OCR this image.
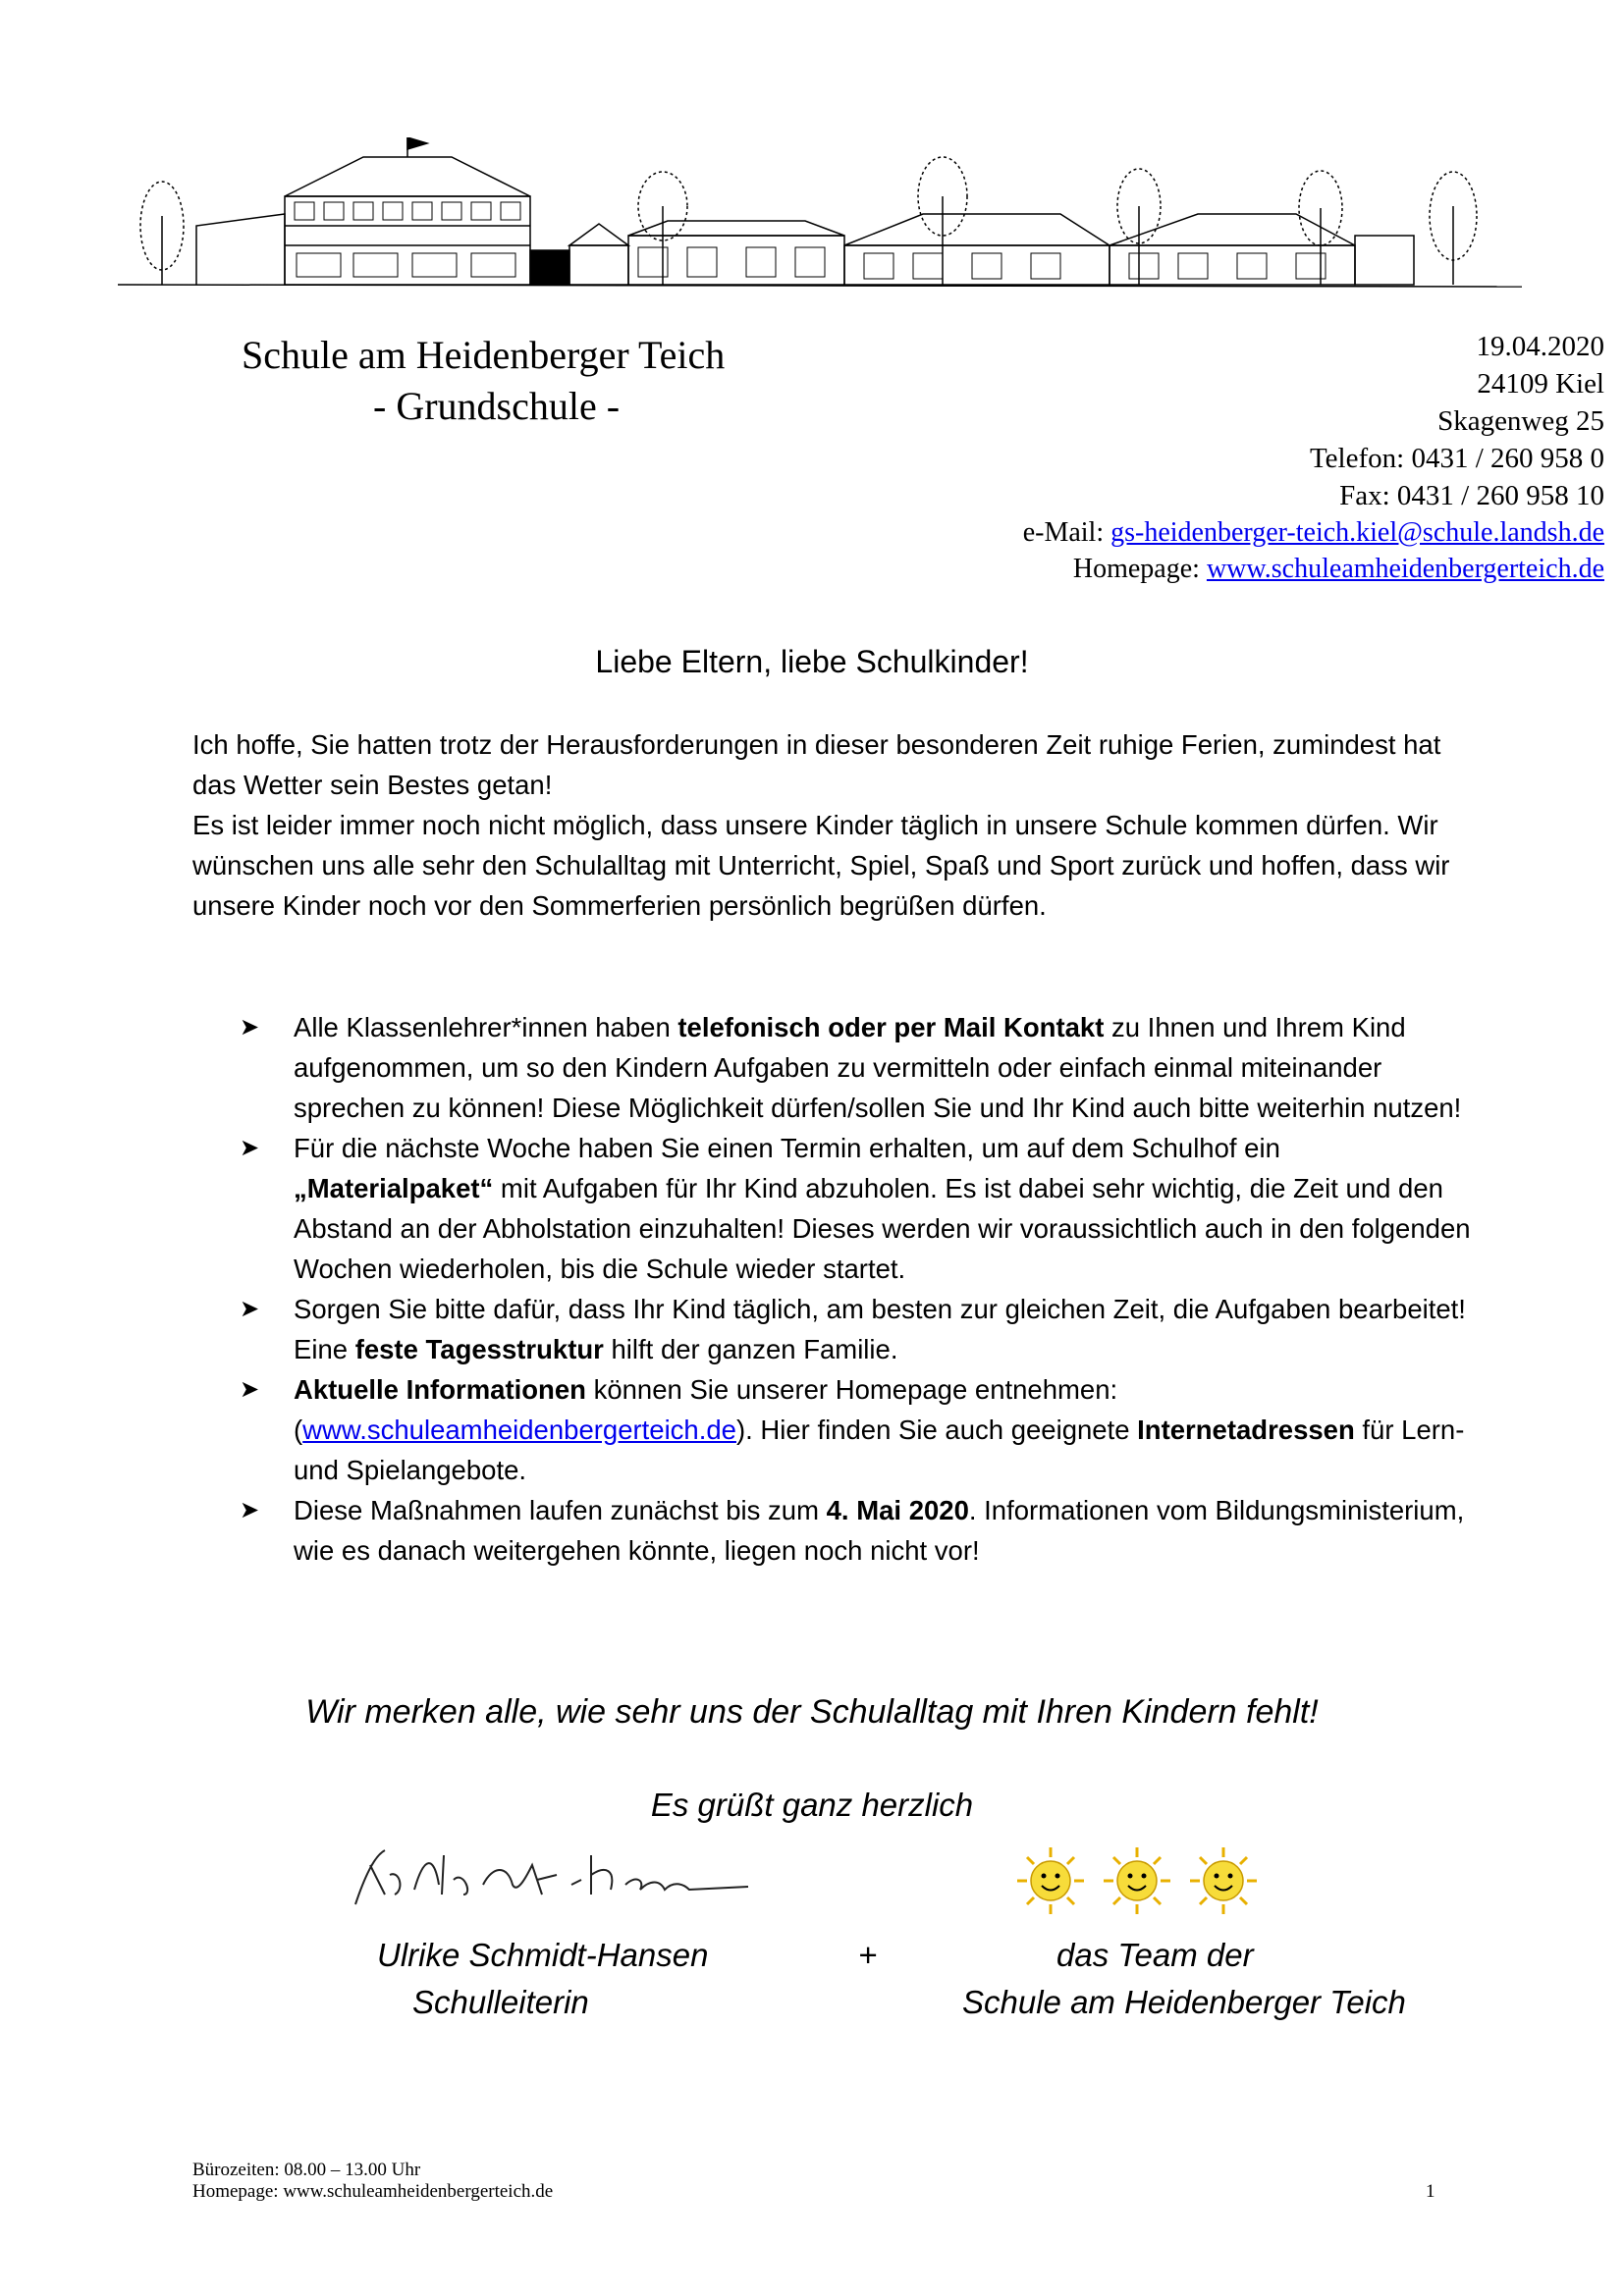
Schule am Heidenberger Teich
- Grundschule -
19.04.2020
24109 Kiel
Skagenweg 25
Telefon: 0431 / 260 958 0
Fax: 0431 / 260 958 10
e-Mail: gs-heidenberger-teich.kiel@schule.landsh.de
Homepage: www.schuleamheidenbergerteich.de
Liebe Eltern, liebe Schulkinder!

Ich hoffe, Sie hatten trotz der Herausforderungen in dieser besonderen Zeit ruhige Ferien, zumindest hat das Wetter sein Bestes getan!

Es ist leider immer noch nicht möglich, dass unsere Kinder täglich in unsere Schule kommen dürfen. Wir wünschen uns alle sehr den Schulalltag mit Unterricht, Spiel, Spaß und Sport zurück und hoffen, dass wir unsere Kinder noch vor den Sommerferien persönlich begrüßen dürfen.

➤ Alle Klassenlehrer*innen haben telefonisch oder per Mail Kontakt zu Ihnen und Ihrem Kind aufgenommen, um so den Kindern Aufgaben zu vermitteln oder einfach einmal miteinander sprechen zu können! Diese Möglichkeit dürfen/sollen Sie und Ihr Kind auch bitte weiterhin nutzen!
➤ Für die nächste Woche haben Sie einen Termin erhalten, um auf dem Schulhof ein „Materialpaket“ mit Aufgaben für Ihr Kind abzuholen. Es ist dabei sehr wichtig, die Zeit und den Abstand an der Abholstation einzuhalten! Dieses werden wir voraussichtlich auch in den folgenden Wochen wiederholen, bis die Schule wieder startet.
➤ Sorgen Sie bitte dafür, dass Ihr Kind täglich, am besten zur gleichen Zeit, die Aufgaben bearbeitet! Eine feste Tagesstruktur hilft der ganzen Familie.
➤ Aktuelle Informationen können Sie unserer Homepage entnehmen: (www.schuleamheidenbergerteich.de). Hier finden Sie auch geeignete Internetadressen für Lern- und Spielangebote.
➤ Diese Maßnahmen laufen zunächst bis zum 4. Mai 2020. Informationen vom Bildungsministerium, wie es danach weitergehen könnte, liegen noch nicht vor!
Wir merken alle, wie sehr uns der Schulalltag mit Ihren Kindern fehlt!
Es grüßt ganz herzlich
Ulrike Schmidt-Hansen
Schulleiterin
+	das Team der
Schule am Heidenberger Teich
Bürozeiten: 08.00 – 13.00 Uhr
Homepage: www.schuleamheidenbergerteich.de	1
